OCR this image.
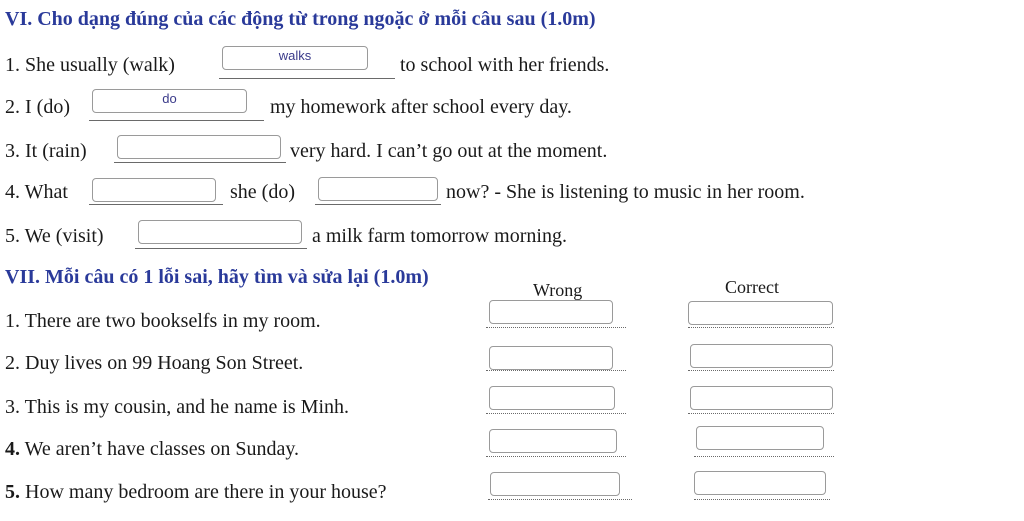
VI. Cho dạng đúng của các động từ trong ngoặc ở mỗi câu sau (1.0m)
1. She usually (walk)
walks	to school with her friends.
2. I (do)
do	my homework after school every day.
3. It (rain)	very hard. I can’t go out at the moment.
4. What	she (do)	now? - She is listening to music in her room.
5. We (visit)	a milk farm tomorrow morning.
VII. Mỗi câu có 1 lỗi sai, hãy tìm và sửa lại (1.0m)
Wrong	Correct
1. There are two bookselfs in my room.
2. Duy lives on 99 Hoang Son Street.
3. This is my cousin, and he name is Minh.
4. We aren’t have classes on Sunday.
5. How many bedroom are there in your house?
